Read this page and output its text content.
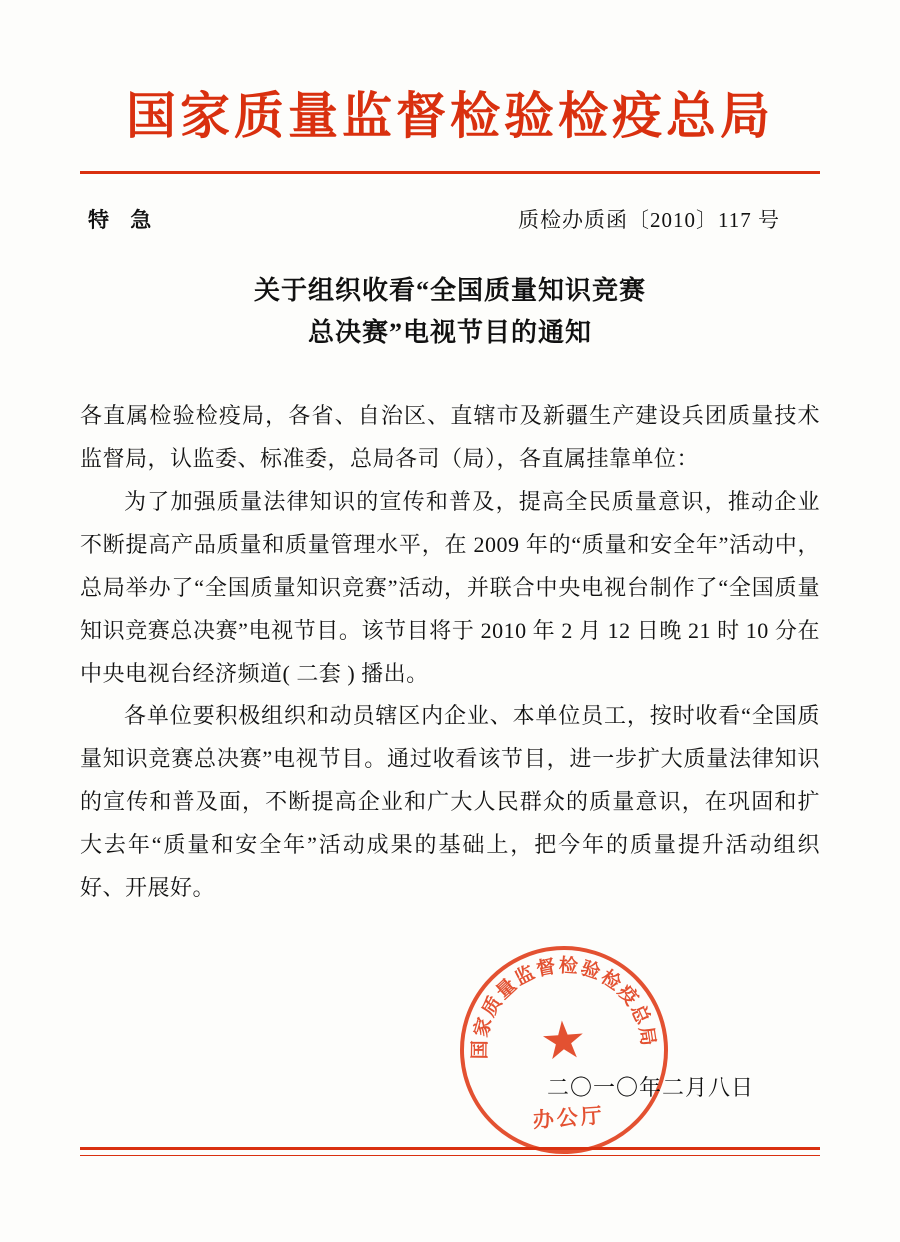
国家质量监督检验检疫总局
特 急	质检办质函〔2010〕117 号
关于组织收看“全国质量知识竞赛
总决赛”电视节目的通知

各直属检验检疫局，各省、自治区、直辖市及新疆生产建设兵团质量技术监督局，认监委、标准委，总局各司（局），各直属挂靠单位：

为了加强质量法律知识的宣传和普及，提高全民质量意识，推动企业不断提高产品质量和质量管理水平，在 2009 年的“质量和安全年”活动中，总局举办了“全国质量知识竞赛”活动，并联合中央电视台制作了“全国质量知识竞赛总决赛”电视节目。该节目将于 2010 年 2 月 12 日晚 21 时 10 分在中央电视台经济频道( 二套 ) 播出。

各单位要积极组织和动员辖区内企业、本单位员工，按时收看“全国质量知识竞赛总决赛”电视节目。通过收看该节目，进一步扩大质量法律知识的宣传和普及面，不断提高企业和广大人民群众的质量意识，在巩固和扩大去年“质量和安全年”活动成果的基础上，把今年的质量提升活动组织好、开展好。

国家质量监督检验检疫总局
★
办公厅
二〇一〇年二月八日
